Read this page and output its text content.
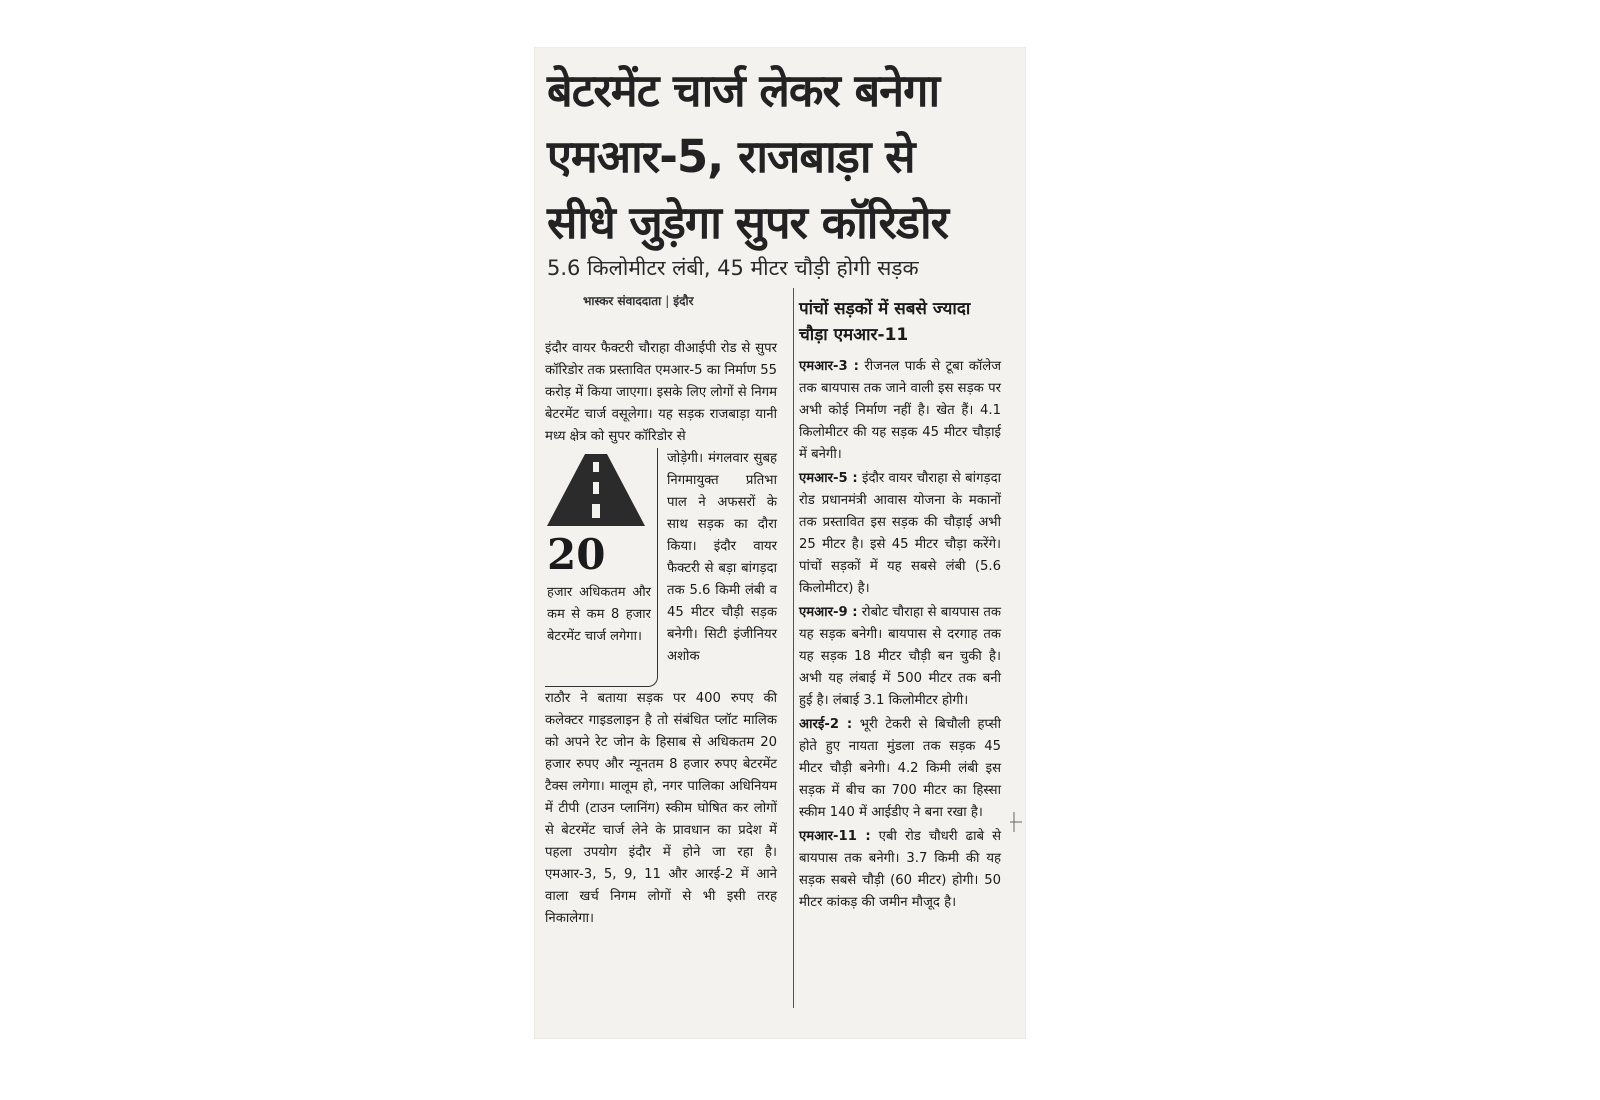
बेटरमेंट चार्ज लेकर बनेगा
एमआर-5, राजबाड़ा से
सीधे जुड़ेगा सुपर कॉरिडोर
5.6 किलोमीटर लंबी, 45 मीटर चौड़ी होगी सड़क
भास्कर संवाददाता | इंदौर

इंदौर वायर फैक्टरी चौराहा वीआईपी रोड से सुपर कॉरिडोर तक प्रस्तावित एमआर-5 का निर्माण 55 करोड़ में किया जाएगा। इसके लिए लोगों से निगम बेटरमेंट चार्ज वसूलेगा। यह सड़क राजबाड़ा यानी मध्य क्षेत्र को सुपर कॉरिडोर से

20
हजार अधिकतम और कम से कम 8 हजार बेटरमेंट चार्ज लगेगा।
जोड़ेगी। मंगलवार सुबह निगमायुक्त प्रतिभा पाल ने अफसरों के साथ सड़क का दौरा किया। इंदौर वायर फैक्टरी से बड़ा बांगड़दा तक 5.6 किमी लंबी व 45 मीटर चौड़ी सड़क बनेगी। सिटी इंजीनियर अशोक

राठौर ने बताया सड़क पर 400 रुपए की कलेक्टर गाइडलाइन है तो संबंधित प्लॉट मालिक को अपने रेट जोन के हिसाब से अधिकतम 20 हजार रुपए और न्यूनतम 8 हजार रुपए बेटरमेंट टैक्स लगेगा। मालूम हो, नगर पालिका अधिनियम में टीपी (टाउन प्लानिंग) स्कीम घोषित कर लोगों से बेटरमेंट चार्ज लेने के प्रावधान का प्रदेश में पहला उपयोग इंदौर में होने जा रहा है। एमआर-3, 5, 9, 11 और आरई-2 में आने वाला खर्च निगम लोगों से भी इसी तरह निकालेगा।

पांचों सड़कों में सबसे ज्यादा चौड़ा एमआर-11

एमआर-3 : रीजनल पार्क से टूबा कॉलेज तक बायपास तक जाने वाली इस सड़क पर अभी कोई निर्माण नहीं है। खेत हैं। 4.1 किलोमीटर की यह सड़क 45 मीटर चौड़ाई में बनेगी।

एमआर-5 : इंदौर वायर चौराहा से बांगड़दा रोड प्रधानमंत्री आवास योजना के मकानों तक प्रस्तावित इस सड़क की चौड़ाई अभी 25 मीटर है। इसे 45 मीटर चौड़ा करेंगे। पांचों सड़कों में यह सबसे लंबी (5.6 किलोमीटर) है।

एमआर-9 : रोबोट चौराहा से बायपास तक यह सड़क बनेगी। बायपास से दरगाह तक यह सड़क 18 मीटर चौड़ी बन चुकी है। अभी यह लंबाई में 500 मीटर तक बनी हुई है। लंबाई 3.1 किलोमीटर होगी।

आरई-2 : भूरी टेकरी से बिचौली हप्सी होते हुए नायता मुंडला तक सड़क 45 मीटर चौड़ी बनेगी। 4.2 किमी लंबी इस सड़क में बीच का 700 मीटर का हिस्सा स्कीम 140 में आईडीए ने बना रखा है।

एमआर-11 : एबी रोड चौधरी ढाबे से बायपास तक बनेगी। 3.7 किमी की यह सड़क सबसे चौड़ी (60 मीटर) होगी। 50 मीटर कांकड़ की जमीन मौजूद है।
